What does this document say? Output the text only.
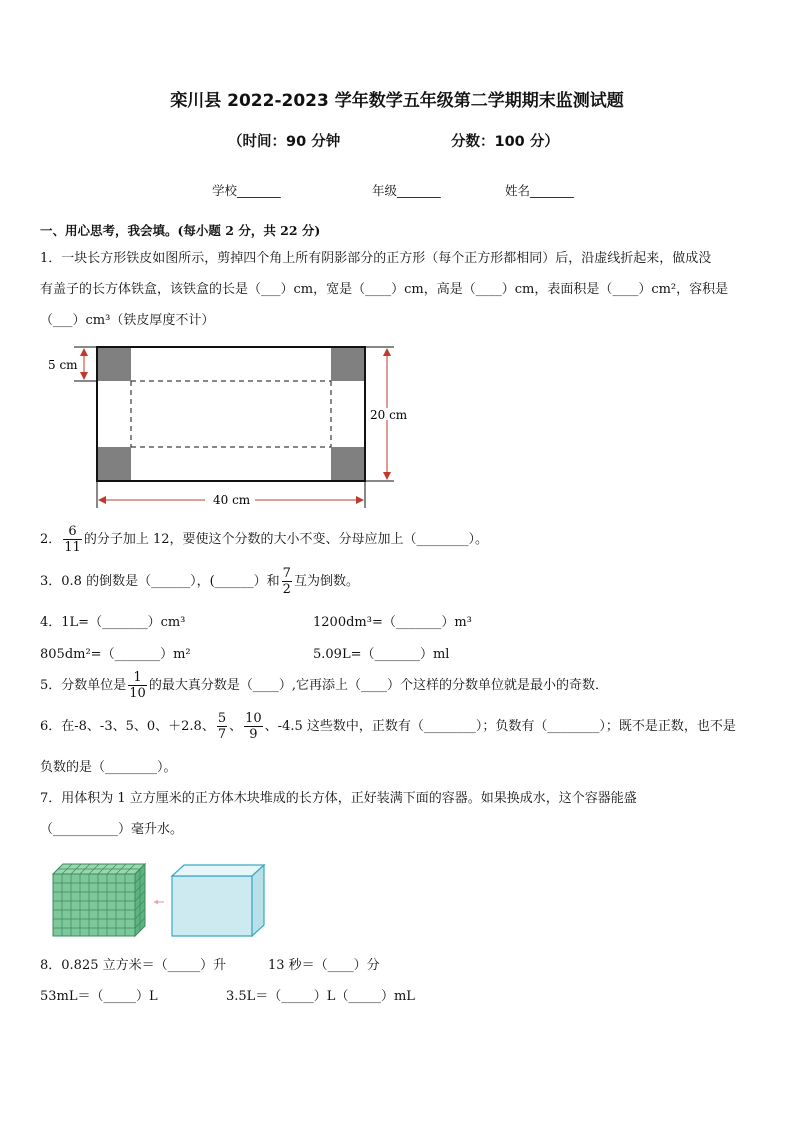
栾川县 2022-2023 学年数学五年级第二学期期末监测试题
（时间：90 分钟	分数：100 分）
学校_______	年级_______	姓名_______
一、用心思考，我会填。(每小题 2 分，共 22 分)
1．一块长方形铁皮如图所示，剪掉四个角上所有阴影部分的正方形（每个正方形都相同）后，沿虚线折起来，做成没
有盖子的长方体铁盒，该铁盒的长是（___）cm，宽是（____）cm，高是（____）cm，表面积是（____）cm²，容积是
（___）cm³（铁皮厚度不计）
5 cm
20 cm
40 cm
2． $\frac{6}{11}$ 的分子加上 12，要使这个分数的大小不变、分母应加上（________）。
3．0.8 的倒数是（______），(______）和 $\frac{7}{2}$ 互为倒数。
4．1L=（_______）cm³	1200dm³=（_______）m³
805dm²=（_______）m²	5.09L=（_______）ml
5．分数单位是 $\frac{1}{10}$ 的最大真分数是（____）,它再添上（____）个这样的分数单位就是最小的奇数．
6．在-8、-3、5、0、＋2.8、 $\frac{5}{7}$ 、 $\frac{10}{9}$ 、-4.5 这些数中，正数有（________）；负数有（________）；既不是正数，也不是
负数的是（________）。
7．用体积为 1 立方厘米的正方体木块堆成的长方体，正好装满下面的容器。如果换成水，这个容器能盛
（__________）毫升水。
8．0.825 立方米＝（_____）升	13 秒＝（____）分
53mL＝（_____）L	3.5L＝（_____）L（_____）mL
